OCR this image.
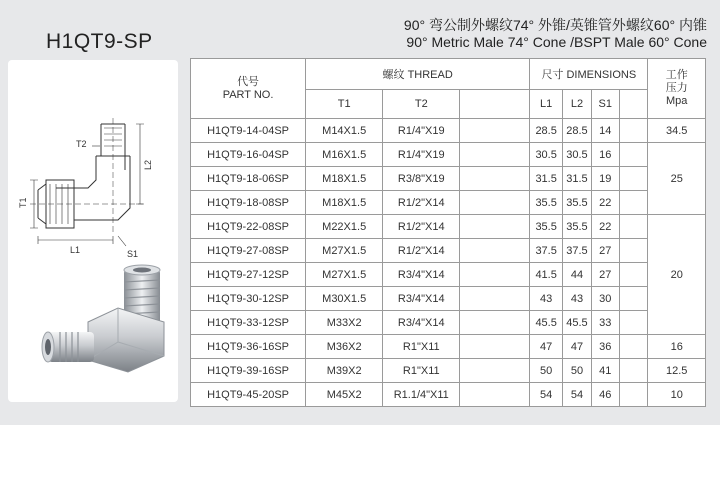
H1QT9-SP
90° 弯公制外螺纹74° 外锥/英锥管外螺纹60° 内锥
90° Metric Male 74° Cone /BSPT Male 60° Cone
T1
T2
L1
L2
S1
代号
PART NO.	螺纹 THREAD			尺寸 DIMENSIONS				工作
压力
Mpa
	T1	T2		L1	L2	S1		
H1QT9-14-04SP	M14X1.5	R1/4"X19		28.5	28.5	14		34.5
H1QT9-16-04SP	M16X1.5	R1/4"X19		30.5	30.5	16		25
H1QT9-18-06SP	M18X1.5	R3/8"X19		31.5	31.5	19		
H1QT9-18-08SP	M18X1.5	R1/2"X14		35.5	35.5	22		
H1QT9-22-08SP	M22X1.5	R1/2"X14		35.5	35.5	22		20
H1QT9-27-08SP	M27X1.5	R1/2"X14		37.5	37.5	27		
H1QT9-27-12SP	M27X1.5	R3/4"X14		41.5	44	27		
H1QT9-30-12SP	M30X1.5	R3/4"X14		43	43	30		
H1QT9-33-12SP	M33X2	R3/4"X14		45.5	45.5	33		
H1QT9-36-16SP	M36X2	R1"X11		47	47	36		16
H1QT9-39-16SP	M39X2	R1"X11		50	50	41		12.5
H1QT9-45-20SP	M45X2	R1.1/4"X11		54	54	46		10
